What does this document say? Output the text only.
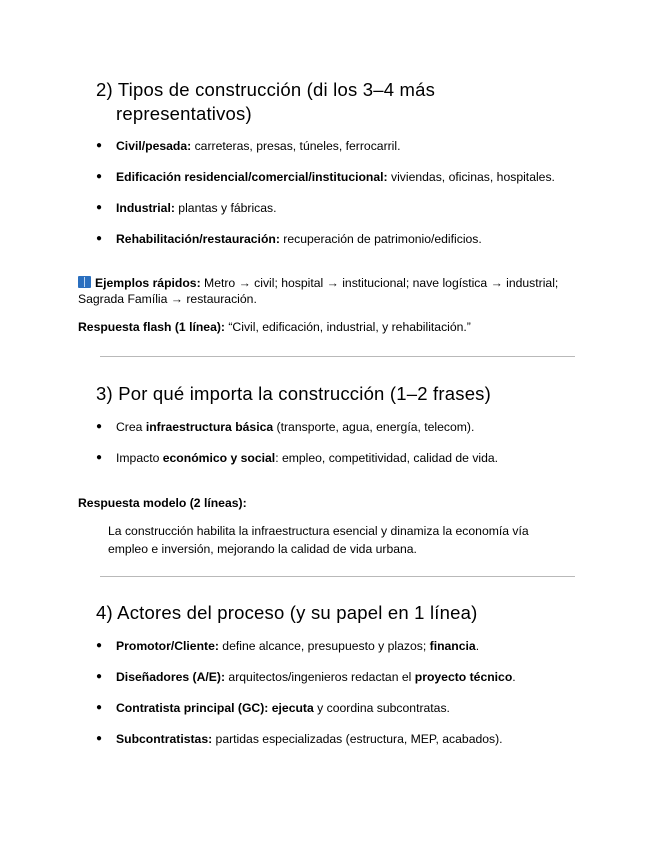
2) Tipos de construcción (di los 3–4 más
representativos)
● Civil/pesada: carreteras, presas, túneles, ferrocarril.
● Edificación residencial/comercial/institucional: viviendas, oficinas, hospitales.
● Industrial: plantas y fábricas.
● Rehabilitación/restauración: recuperación de patrimonio/edificios.

Ejemplos rápidos: Metro → civil; hospital → institucional; nave logística → industrial;
Sagrada Família → restauración.

Respuesta flash (1 línea): “Civil, edificación, industrial, y rehabilitación.”

3) Por qué importa la construcción (1–2 frases)
● Crea infraestructura básica (transporte, agua, energía, telecom).
● Impacto económico y social: empleo, competitividad, calidad de vida.

Respuesta modelo (2 líneas):

La construcción habilita la infraestructura esencial y dinamiza la economía vía
empleo e inversión, mejorando la calidad de vida urbana.

4) Actores del proceso (y su papel en 1 línea)
● Promotor/Cliente: define alcance, presupuesto y plazos; financia.
● Diseñadores (A/E): arquitectos/ingenieros redactan el proyecto técnico.
● Contratista principal (GC): ejecuta y coordina subcontratas.
● Subcontratistas: partidas especializadas (estructura, MEP, acabados).
